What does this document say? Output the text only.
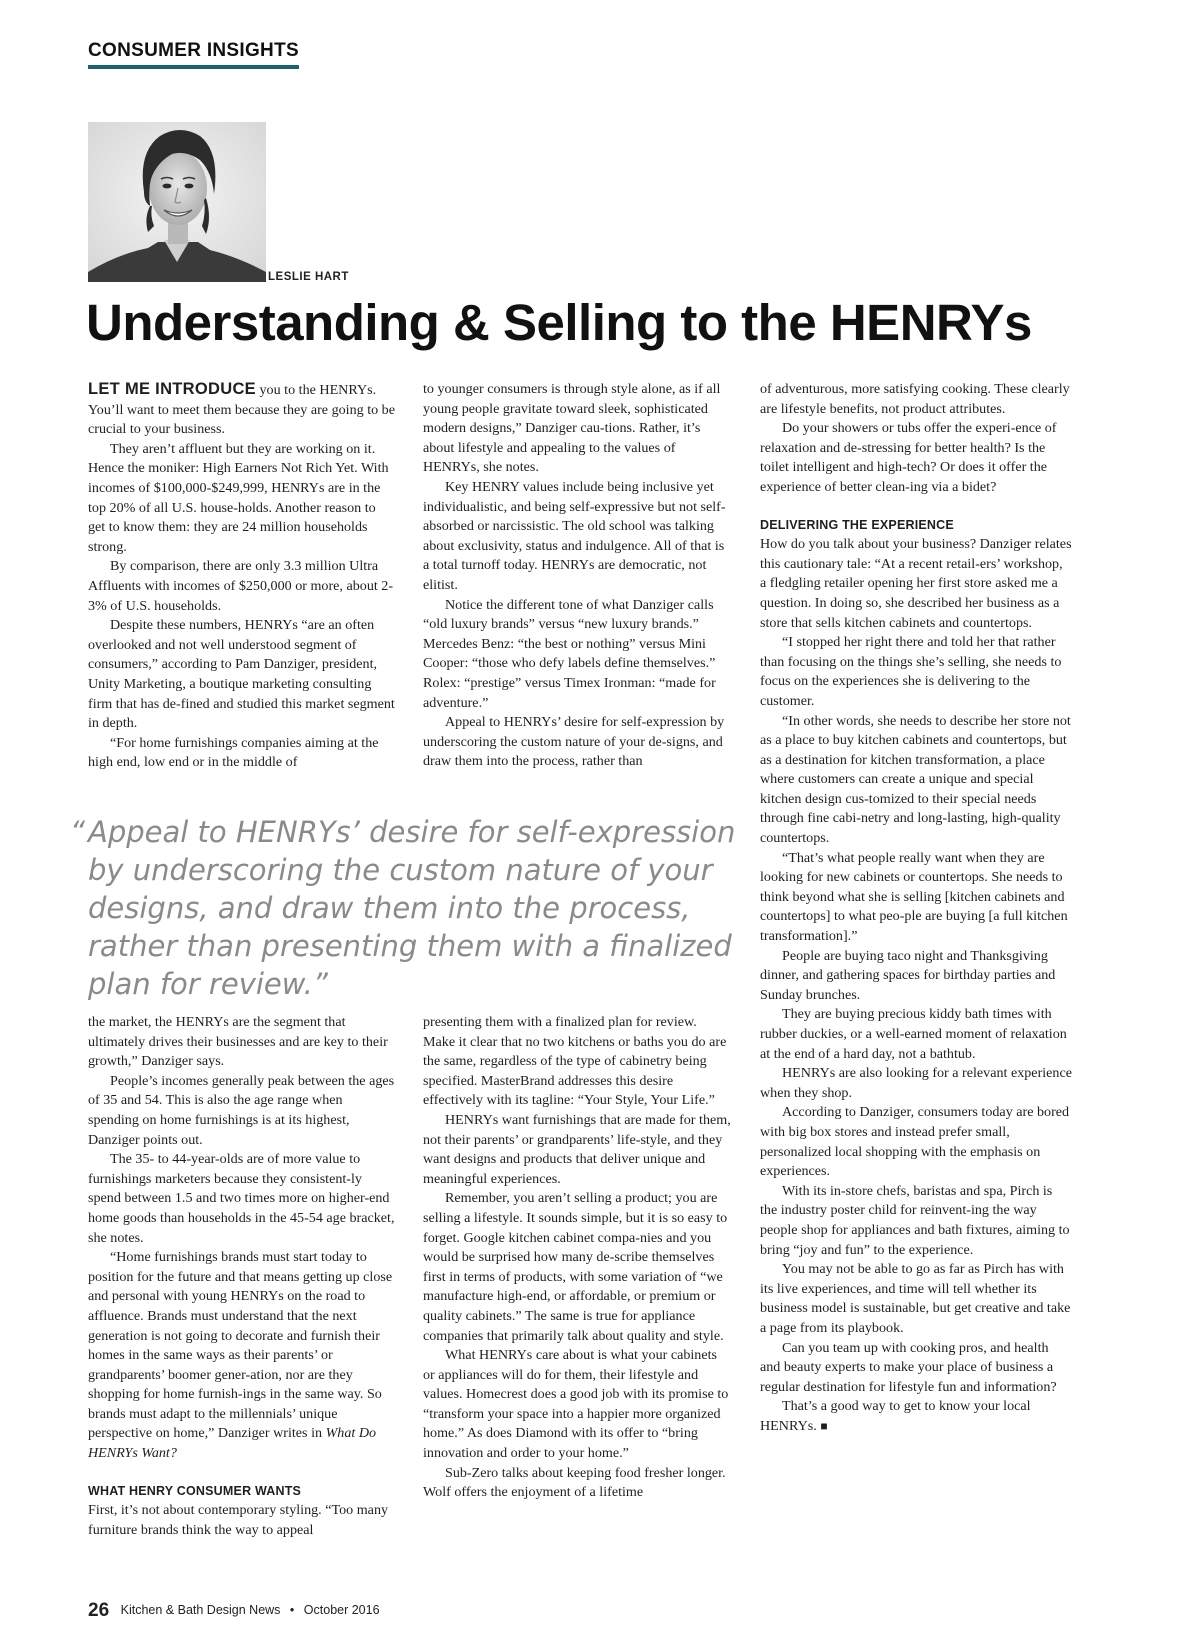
CONSUMER INSIGHTS
LESLIE HART
Understanding & Selling to the HENRYs

LET ME INTRODUCE you to the HENRYs. You’ll want to meet them because they are going to be crucial to your business.

They aren’t affluent but they are working on it. Hence the moniker: High Earners Not Rich Yet. With incomes of $100,000-$249,999, HENRYs are in the top 20% of all U.S. house-holds. Another reason to get to know them: they are 24 million households strong.

By comparison, there are only 3.3 million Ultra Affluents with incomes of $250,000 or more, about 2-3% of U.S. households.

Despite these numbers, HENRYs “are an often overlooked and not well understood segment of consumers,” according to Pam Danziger, president, Unity Marketing, a boutique marketing consulting firm that has de-fined and studied this market segment in depth.

“For home furnishings companies aiming at the high end, low end or in the middle of

to younger consumers is through style alone, as if all young people gravitate toward sleek, sophisticated modern designs,” Danziger cau-tions. Rather, it’s about lifestyle and appealing to the values of HENRYs, she notes.

Key HENRY values include being inclusive yet individualistic, and being self-expressive but not self-absorbed or narcissistic. The old school was talking about exclusivity, status and indulgence. All of that is a total turnoff today. HENRYs are democratic, not elitist.

Notice the different tone of what Danziger calls “old luxury brands” versus “new luxury brands.” Mercedes Benz: “the best or nothing” versus Mini Cooper: “those who defy labels define themselves.” Rolex: “prestige” versus Timex Ironman: “made for adventure.”

Appeal to HENRYs’ desire for self-expression by underscoring the custom nature of your de-signs, and draw them into the process, rather than

“ Appeal to HENRYs’ desire for self-expression by underscoring the custom nature of your designs, and draw them into the process, rather than presenting them with a finalized plan for review.”

the market, the HENRYs are the segment that ultimately drives their businesses and are key to their growth,” Danziger says.

People’s incomes generally peak between the ages of 35 and 54. This is also the age range when spending on home furnishings is at its highest, Danziger points out.

The 35- to 44-year-olds are of more value to furnishings marketers because they consistent-ly spend between 1.5 and two times more on higher-end home goods than households in the 45-54 age bracket, she notes.

“Home furnishings brands must start today to position for the future and that means getting up close and personal with young HENRYs on the road to affluence. Brands must understand that the next generation is not going to decorate and furnish their homes in the same ways as their parents’ or grandparents’ boomer gener-ation, nor are they shopping for home furnish-ings in the same way. So brands must adapt to the millennials’ unique perspective on home,” Danziger writes in What Do HENRYs Want?

WHAT HENRY CONSUMER WANTS

First, it’s not about contemporary styling. “Too many furniture brands think the way to appeal

presenting them with a finalized plan for review. Make it clear that no two kitchens or baths you do are the same, regardless of the type of cabinetry being specified. MasterBrand addresses this desire effectively with its tagline: “Your Style, Your Life.”

HENRYs want furnishings that are made for them, not their parents’ or grandparents’ life-style, and they want designs and products that deliver unique and meaningful experiences.

Remember, you aren’t selling a product; you are selling a lifestyle. It sounds simple, but it is so easy to forget. Google kitchen cabinet compa-nies and you would be surprised how many de-scribe themselves first in terms of products, with some variation of “we manufacture high-end, or affordable, or premium or quality cabinets.” The same is true for appliance companies that primarily talk about quality and style.

What HENRYs care about is what your cabinets or appliances will do for them, their lifestyle and values. Homecrest does a good job with its promise to “transform your space into a happier more organized home.” As does Diamond with its offer to “bring innovation and order to your home.”

Sub-Zero talks about keeping food fresher longer. Wolf offers the enjoyment of a lifetime

of adventurous, more satisfying cooking. These clearly are lifestyle benefits, not product attributes.

Do your showers or tubs offer the experi-ence of relaxation and de-stressing for better health? Is the toilet intelligent and high-tech? Or does it offer the experience of better clean-ing via a bidet?

DELIVERING THE EXPERIENCE

How do you talk about your business? Danziger relates this cautionary tale: “At a recent retail-ers’ workshop, a fledgling retailer opening her first store asked me a question. In doing so, she described her business as a store that sells kitchen cabinets and countertops.

“I stopped her right there and told her that rather than focusing on the things she’s selling, she needs to focus on the experiences she is delivering to the customer.

“In other words, she needs to describe her store not as a place to buy kitchen cabinets and countertops, but as a destination for kitchen transformation, a place where customers can create a unique and special kitchen design cus-tomized to their special needs through fine cabi-netry and long-lasting, high-quality countertops.

“That’s what people really want when they are looking for new cabinets or countertops. She needs to think beyond what she is selling [kitchen cabinets and countertops] to what peo-ple are buying [a full kitchen transformation].”

People are buying taco night and Thanksgiving dinner, and gathering spaces for birthday parties and Sunday brunches.

They are buying precious kiddy bath times with rubber duckies, or a well-earned moment of relaxation at the end of a hard day, not a bathtub.

HENRYs are also looking for a relevant experience when they shop.

According to Danziger, consumers today are bored with big box stores and instead prefer small, personalized local shopping with the emphasis on experiences.

With its in-store chefs, baristas and spa, Pirch is the industry poster child for reinvent-ing the way people shop for appliances and bath fixtures, aiming to bring “joy and fun” to the experience.

You may not be able to go as far as Pirch has with its live experiences, and time will tell whether its business model is sustainable, but get creative and take a page from its playbook.

Can you team up with cooking pros, and health and beauty experts to make your place of business a regular destination for lifestyle fun and information?

That’s a good way to get to know your local HENRYs. ■

26 Kitchen & Bath Design News • October 2016
